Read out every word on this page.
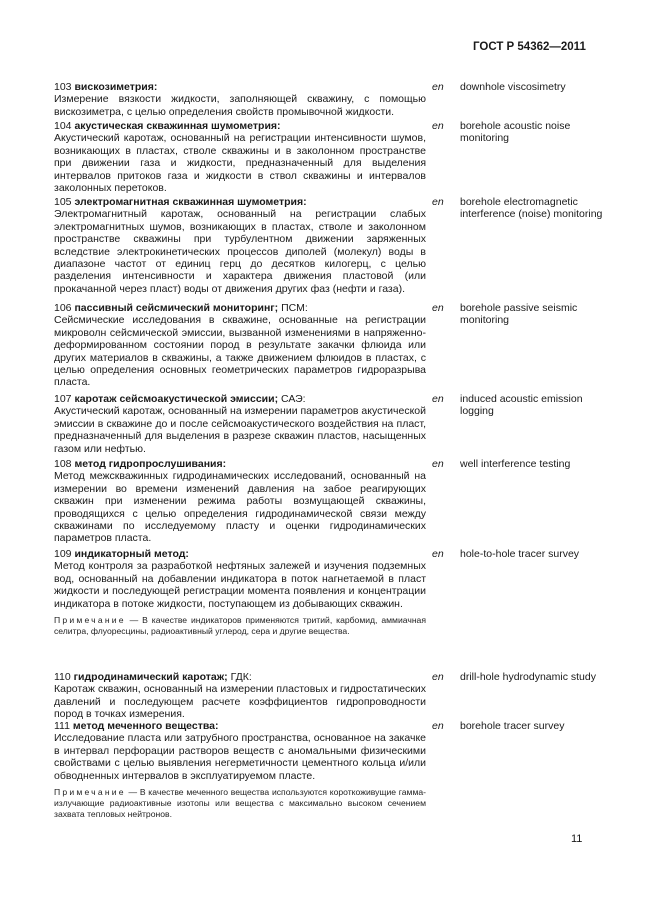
ГОСТ Р 54362—2011
103 вискозиметрия:
Измерение вязкости жидкости, заполняющей скважину, с помощью вискозиметра, с целью определения свойств промывочной жидкости.
en downhole viscosimetry
104 акустическая скважинная шумометрия:
Акустический каротаж, основанный на регистрации интенсивности шумов, возникающих в пластах, стволе скважины и в заколонном пространстве при движении газа и жидкости, предназначенный для выделения интервалов притоков газа и жидкости в ствол скважины и интервалов заколонных перетоков.
en borehole acoustic noise monitoring
105 электромагнитная скважинная шумометрия:
Электромагнитный каротаж, основанный на регистрации слабых электромагнитных шумов, возникающих в пластах, стволе и заколонном пространстве скважины при турбулентном движении заряженных вследствие электрокинетических процессов диполей (молекул) воды в диапазоне частот от единиц герц до десятков килогерц, с целью разделения интенсивности и характера движения пластовой (или прокачанной через пласт) воды от движения других фаз (нефти и газа).
en borehole electromagnetic interference (noise) monitoring
106 пассивный сейсмический мониторинг; ПСМ:
Сейсмические исследования в скважине, основанные на регистрации микроволн сейсмической эмиссии, вызванной изменениями в напряженно-деформированном состоянии пород в результате закачки флюида или других материалов в скважины, а также движением флюидов в пластах, с целью определения основных геометрических параметров гидроразрыва пласта.
en borehole passive seismic monitoring
107 каротаж сейсмоакустической эмиссии; САЭ:
Акустический каротаж, основанный на измерении параметров акустической эмиссии в скважине до и после сейсмоакустического воздействия на пласт, предназначенный для выделения в разрезе скважин пластов, насыщенных газом или нефтью.
en induced acoustic emission logging
108 метод гидропрослушивания:
Метод межскважинных гидродинамических исследований, основанный на измерении во времени изменений давления на забое реагирующих скважин при изменении режима работы возмущающей скважины, проводящихся с целью определения гидродинамической связи между скважинами по исследуемому пласту и оценки гидродинамических параметров пласта.
en well interference testing
109 индикаторный метод:
Метод контроля за разработкой нефтяных залежей и изучения подземных вод, основанный на добавлении индикатора в поток нагнетаемой в пласт жидкости и последующей регистрации момента появления и концентрации индикатора в потоке жидкости, поступающем из добывающих скважин.
Примечание — В качестве индикаторов применяются тритий, карбомид, аммиачная селитра, флуоресцины, радиоактивный углерод, сера и другие вещества.
en hole-to-hole tracer survey
110 гидродинамический каротаж; ГДК:
Каротаж скважин, основанный на измерении пластовых и гидростатических давлений и последующем расчете коэффициентов гидропроводности пород в точках измерения.
en drill-hole hydrodynamic study
111 метод меченного вещества:
Исследование пласта или затрубного пространства, основанное на закачке в интервал перфорации растворов веществ с аномальными физическими свойствами с целью выявления негерметичности цементного кольца и/или обводненных интервалов в эксплуатируемом пласте.
Примечание — В качестве меченного вещества используются короткоживущие гамма-излучающие радиоактивные изотопы или вещества с максимально высоком сечением захвата тепловых нейтронов.
en borehole tracer survey
11
